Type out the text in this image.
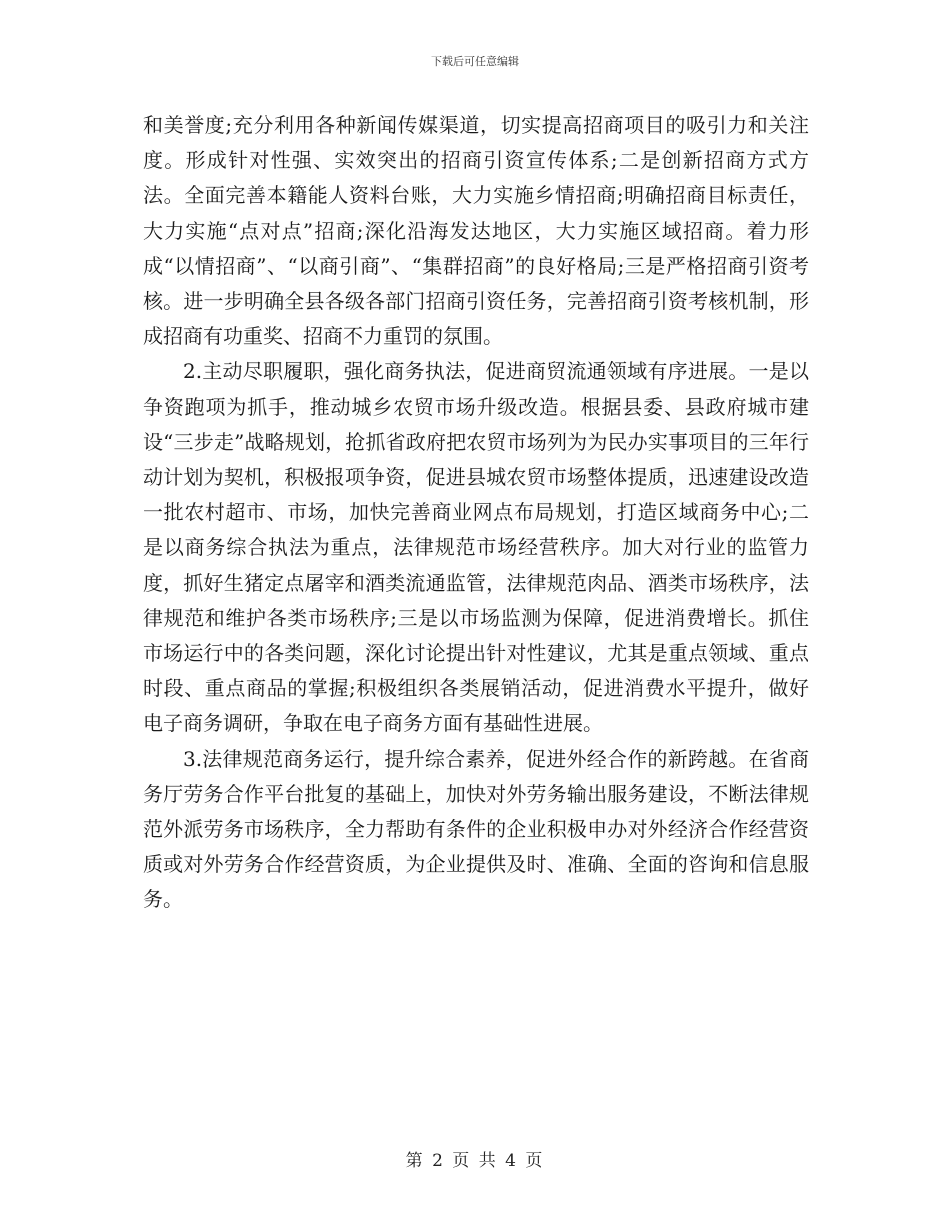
下载后可任意编辑

和美誉度;充分利用各种新闻传媒渠道，切实提高招商项目的吸引力和关注度。形成针对性强、实效突出的招商引资宣传体系;二是创新招商方式方法。全面完善本籍能人资料台账，大力实施乡情招商;明确招商目标责任，大力实施“点对点”招商;深化沿海发达地区，大力实施区域招商。着力形成“以情招商”、“以商引商”、“集群招商”的良好格局;三是严格招商引资考核。进一步明确全县各级各部门招商引资任务，完善招商引资考核机制，形成招商有功重奖、招商不力重罚的氛围。

2.主动尽职履职，强化商务执法，促进商贸流通领域有序进展。一是以争资跑项为抓手，推动城乡农贸市场升级改造。根据县委、县政府城市建设“三步走”战略规划，抢抓省政府把农贸市场列为为民办实事项目的三年行动计划为契机，积极报项争资，促进县城农贸市场整体提质，迅速建设改造一批农村超市、市场，加快完善商业网点布局规划，打造区域商务中心;二是以商务综合执法为重点，法律规范市场经营秩序。加大对行业的监管力度，抓好生猪定点屠宰和酒类流通监管，法律规范肉品、酒类市场秩序，法律规范和维护各类市场秩序;三是以市场监测为保障，促进消费增长。抓住市场运行中的各类问题，深化讨论提出针对性建议，尤其是重点领域、重点时段、重点商品的掌握;积极组织各类展销活动，促进消费水平提升，做好电子商务调研，争取在电子商务方面有基础性进展。

3.法律规范商务运行，提升综合素养，促进外经合作的新跨越。在省商务厅劳务合作平台批复的基础上，加快对外劳务输出服务建设，不断法律规范外派劳务市场秩序，全力帮助有条件的企业积极申办对外经济合作经营资质或对外劳务合作经营资质，为企业提供及时、准确、全面的咨询和信息服务。

第 2 页 共 4 页
